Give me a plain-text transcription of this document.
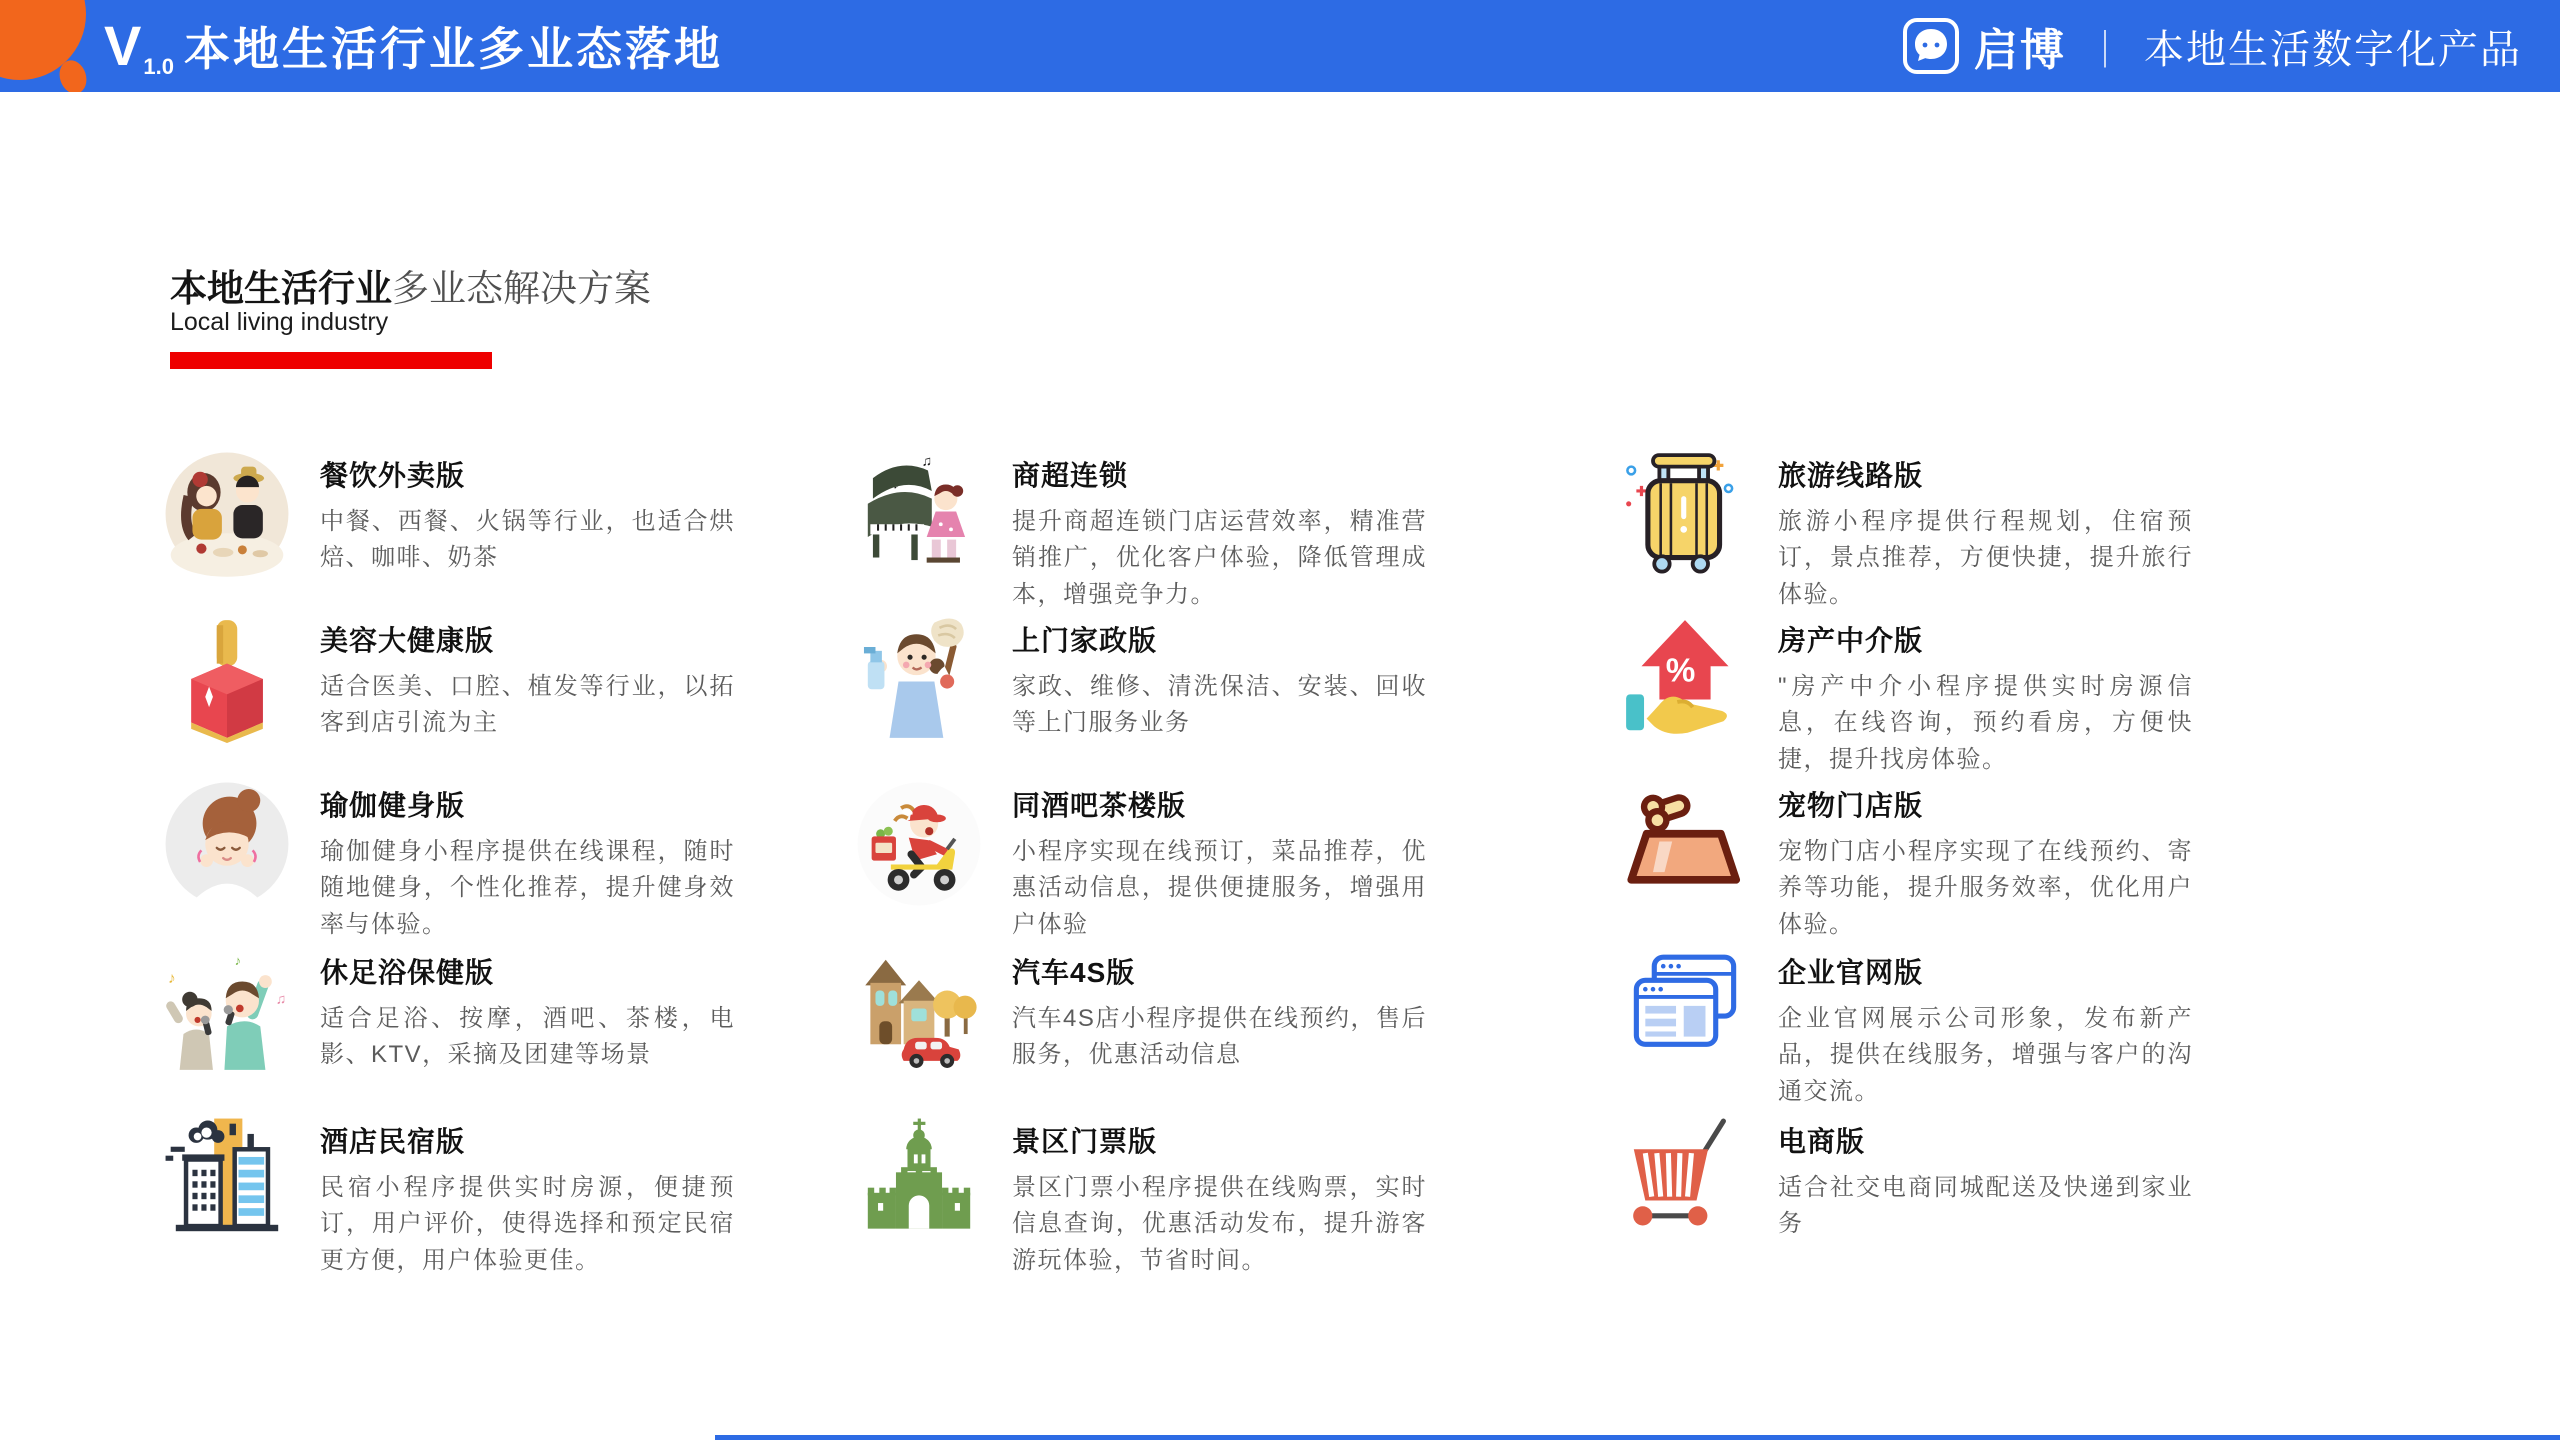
V 1.0 本地生活行业多业态落地	启博 ｜ 本地生活数字化产品
本地生活行业多业态解决方案
Local living industry
餐饮外卖版

中餐、西餐、火锅等行业，也适合烘焙、咖啡、奶茶

美容大健康版

适合医美、口腔、植发等行业，以拓客到店引流为主

瑜伽健身版

瑜伽健身小程序提供在线课程，随时随地健身，个性化推荐，提升健身效率与体验。

♪
♫
♪	休足浴保健版

适合足浴、按摩，酒吧、茶楼，电影、KTV，采摘及团建等场景

酒店民宿版

民宿小程序提供实时房源，便捷预订，用户评价，使得选择和预定民宿更方便，用户体验更佳。

♫	商超连锁

提升商超连锁门店运营效率，精准营销推广，优化客户体验，降低管理成本，增强竞争力。

上门家政版

家政、维修、清洗保洁、安装、回收等上门服务业务

同酒吧茶楼版

小程序实现在线预订，菜品推荐，优惠活动信息，提供便捷服务，增强用户体验

汽车4S版

汽车4S店小程序提供在线预约，售后服务，优惠活动信息

景区门票版

景区门票小程序提供在线购票，实时信息查询，优惠活动发布，提升游客游玩体验，节省时间。

旅游线路版

旅游小程序提供行程规划，住宿预订，景点推荐，方便快捷，提升旅行体验。

%
房产中介版

"房产中介小程序提供实时房源信息，在线咨询，预约看房，方便快捷，提升找房体验。

宠物门店版

宠物门店小程序实现了在线预约、寄养等功能，提升服务效率，优化用户体验。

企业官网版

企业官网展示公司形象，发布新产品，提供在线服务，增强与客户的沟通交流。

电商版

适合社交电商同城配送及快递到家业务
